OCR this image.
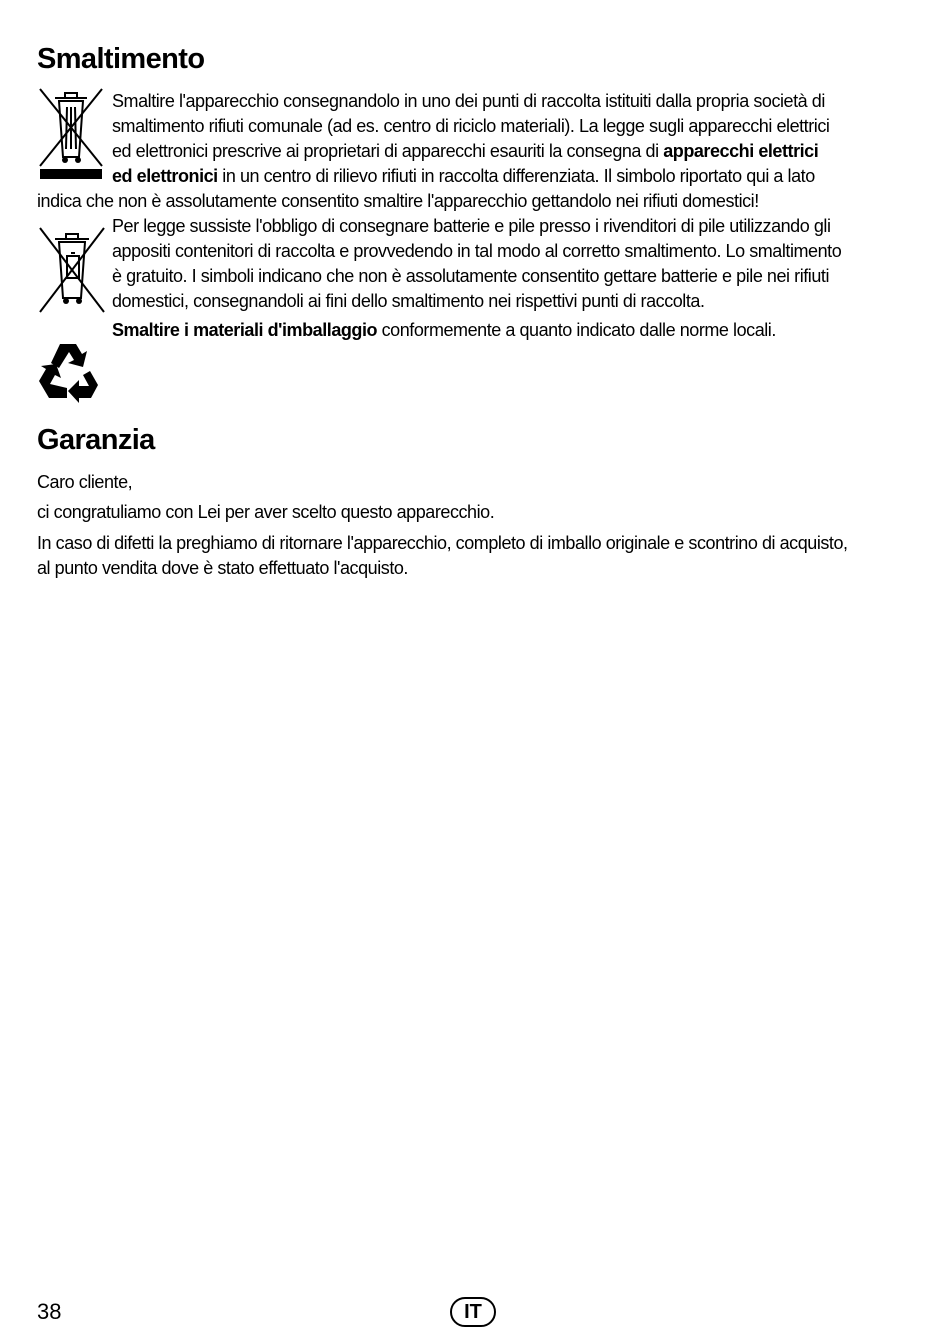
Smaltimento

Smaltire l'apparecchio consegnandolo in uno dei punti di raccolta istituiti dalla propria società di

smaltimento rifiuti comunale (ad es. centro di riciclo materiali). La legge sugli apparecchi elettrici

ed elettronici prescrive ai proprietari di apparecchi esauriti la consegna di apparecchi elettrici

ed elettronici in un centro di rilievo rifiuti in raccolta differenziata. Il simbolo riportato qui a lato

indica che non è assolutamente consentito smaltire l'apparecchio gettandolo nei rifiuti domestici!

Per legge sussiste l'obbligo di consegnare batterie e pile presso i rivenditori di pile utilizzando gli

appositi contenitori di raccolta e provvedendo in tal modo al corretto smaltimento. Lo smaltimento

è gratuito. I simboli indicano che non è assolutamente consentito gettare batterie e pile nei rifiuti

domestici, consegnandoli ai fini dello smaltimento nei rispettivi punti di raccolta.

Smaltire i materiali d'imballaggio conformemente a quanto indicato dalle norme locali.

Garanzia

Caro cliente,

ci congratuliamo con Lei per aver scelto questo apparecchio.

In caso di difetti la preghiamo di ritornare l'apparecchio, completo di imballo originale e scontrino di acquisto,

al punto vendita dove è stato effettuato l'acquisto.

38	IT
